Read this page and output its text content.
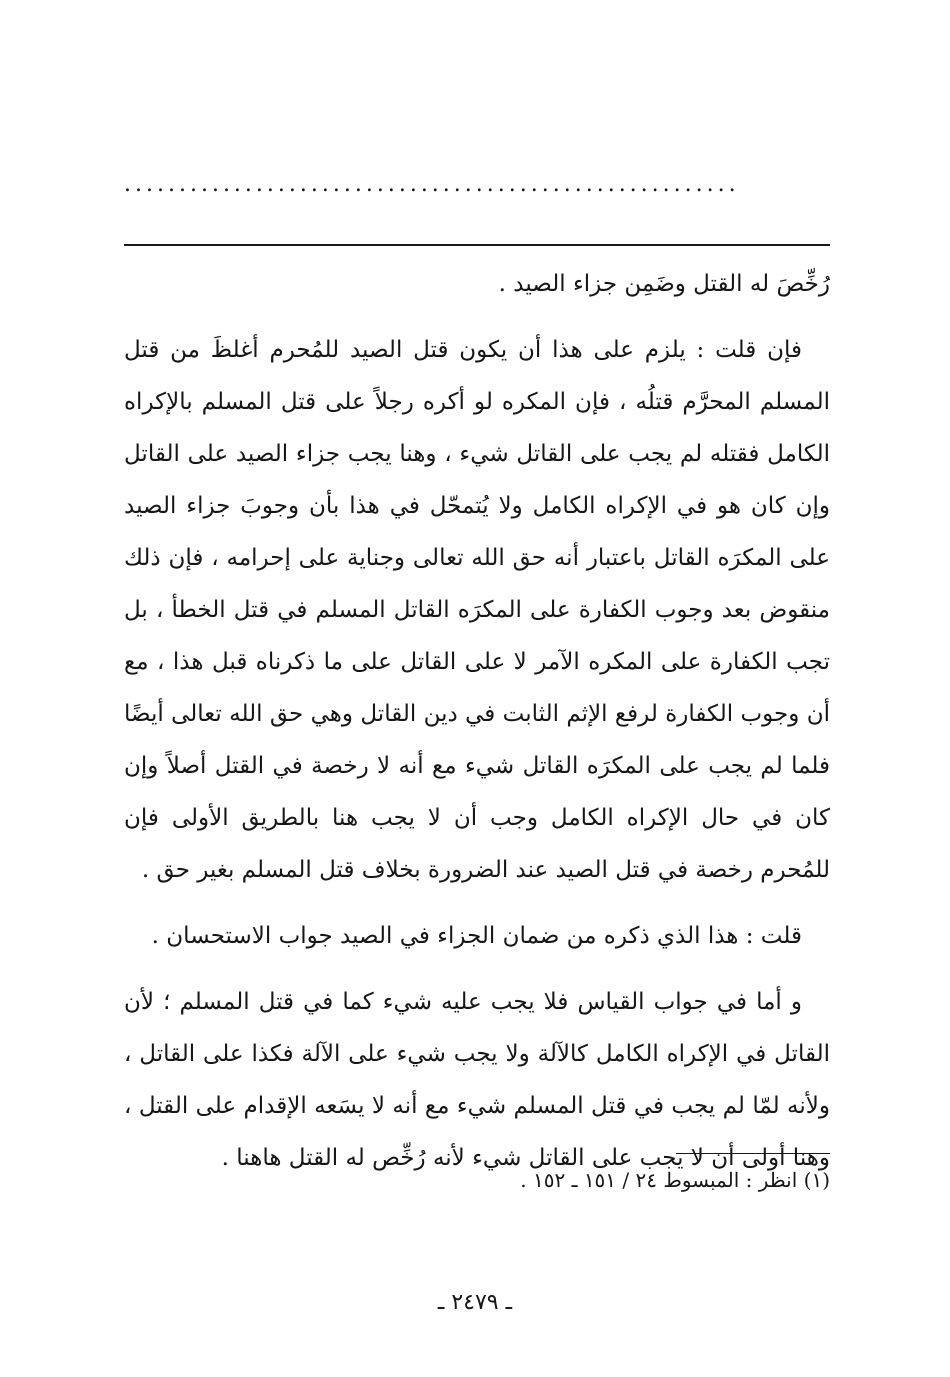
........................................................

رُخِّصَ له القتل وضَمِن جزاء الصيد .

فإن قلت : يلزم على هذا أن يكون قتل الصيد للمُحرم أغلظَ من قتل المسلم المحرَّم قتلُه ، فإن المكره لو أكره رجلاً على قتل المسلم بالإكراه الكامل فقتله لم يجب على القاتل شيء ، وهنا يجب جزاء الصيد على القاتل وإن كان هو في الإكراه الكامل ولا يُتمحّل في هذا بأن وجوبَ جزاء الصيد على المكرَه القاتل باعتبار أنه حق الله تعالى وجناية على إحرامه ، فإن ذلك منقوض بعد وجوب الكفارة على المكرَه القاتل المسلم في قتل الخطأ ، بل تجب الكفارة على المكره الآمر لا على القاتل على ما ذكرناه قبل هذا ، مع أن وجوب الكفارة لرفع الإثم الثابت في دين القاتل وهي حق الله تعالى أيضًا فلما لم يجب على المكرَه القاتل شيء مع أنه لا رخصة في القتل أصلاً وإن كان في حال الإكراه الكامل وجب أن لا يجب هنا بالطريق الأولى فإن للمُحرم رخصة في قتل الصيد عند الضرورة بخلاف قتل المسلم بغير حق .

قلت : هذا الذي ذكره من ضمان الجزاء في الصيد جواب الاستحسان .

و أما في جواب القياس فلا يجب عليه شيء كما في قتل المسلم ؛ لأن القاتل في الإكراه الكامل كالآلة ولا يجب شيء على الآلة فكذا على القاتل ، ولأنه لمّا لم يجب في قتل المسلم شيء مع أنه لا يسَعه الإقدام على القتل ، وهنا أولى أن لا يجب على القاتل شيء لأنه رُخِّص له القتل هاهنا .

(١) انظر : المبسوط ٢٤ / ١٥١ ـ ١٥٢ .
ـ ٢٤٧٩ ـ
